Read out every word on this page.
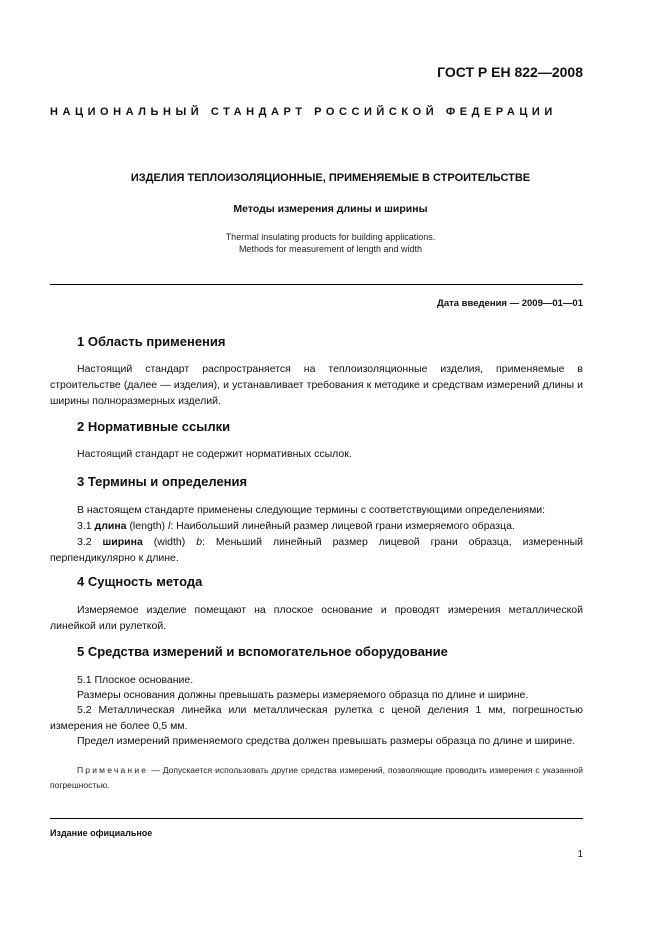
ГОСТ Р ЕН 822—2008
НАЦИОНАЛЬНЫЙ СТАНДАРТ РОССИЙСКОЙ ФЕДЕРАЦИИ
ИЗДЕЛИЯ ТЕПЛОИЗОЛЯЦИОННЫЕ, ПРИМЕНЯЕМЫЕ В СТРОИТЕЛЬСТВЕ
Методы измерения длины и ширины
Thermal insulating products for building applications.
Methods for measurement of length and width
Дата введения — 2009—01—01
1 Область применения
Настоящий стандарт распространяется на теплоизоляционные изделия, применяемые в строительстве (далее — изделия), и устанавливает требования к методике и средствам измерений длины и ширины полноразмерных изделий.
2 Нормативные ссылки
Настоящий стандарт не содержит нормативных ссылок.
3 Термины и определения
В настоящем стандарте применены следующие термины с соответствующими определениями:
3.1 длина (length) l: Наибольший линейный размер лицевой грани измеряемого образца.
3.2 ширина (width) b: Меньший линейный размер лицевой грани образца, измеренный перпендикулярно к длине.
4 Сущность метода
Измеряемое изделие помещают на плоское основание и проводят измерения металлической линейкой или рулеткой.
5 Средства измерений и вспомогательное оборудование
5.1 Плоское основание.
Размеры основания должны превышать размеры измеряемого образца по длине и ширине.
5.2 Металлическая линейка или металлическая рулетка с ценой деления 1 мм, погрешностью измерения не более 0,5 мм.
Предел измерений применяемого средства должен превышать размеры образца по длине и ширине.
Примечание — Допускается использовать другие средства измерений, позволяющие проводить измерения с указанной погрешностью.
Издание официальное
1
